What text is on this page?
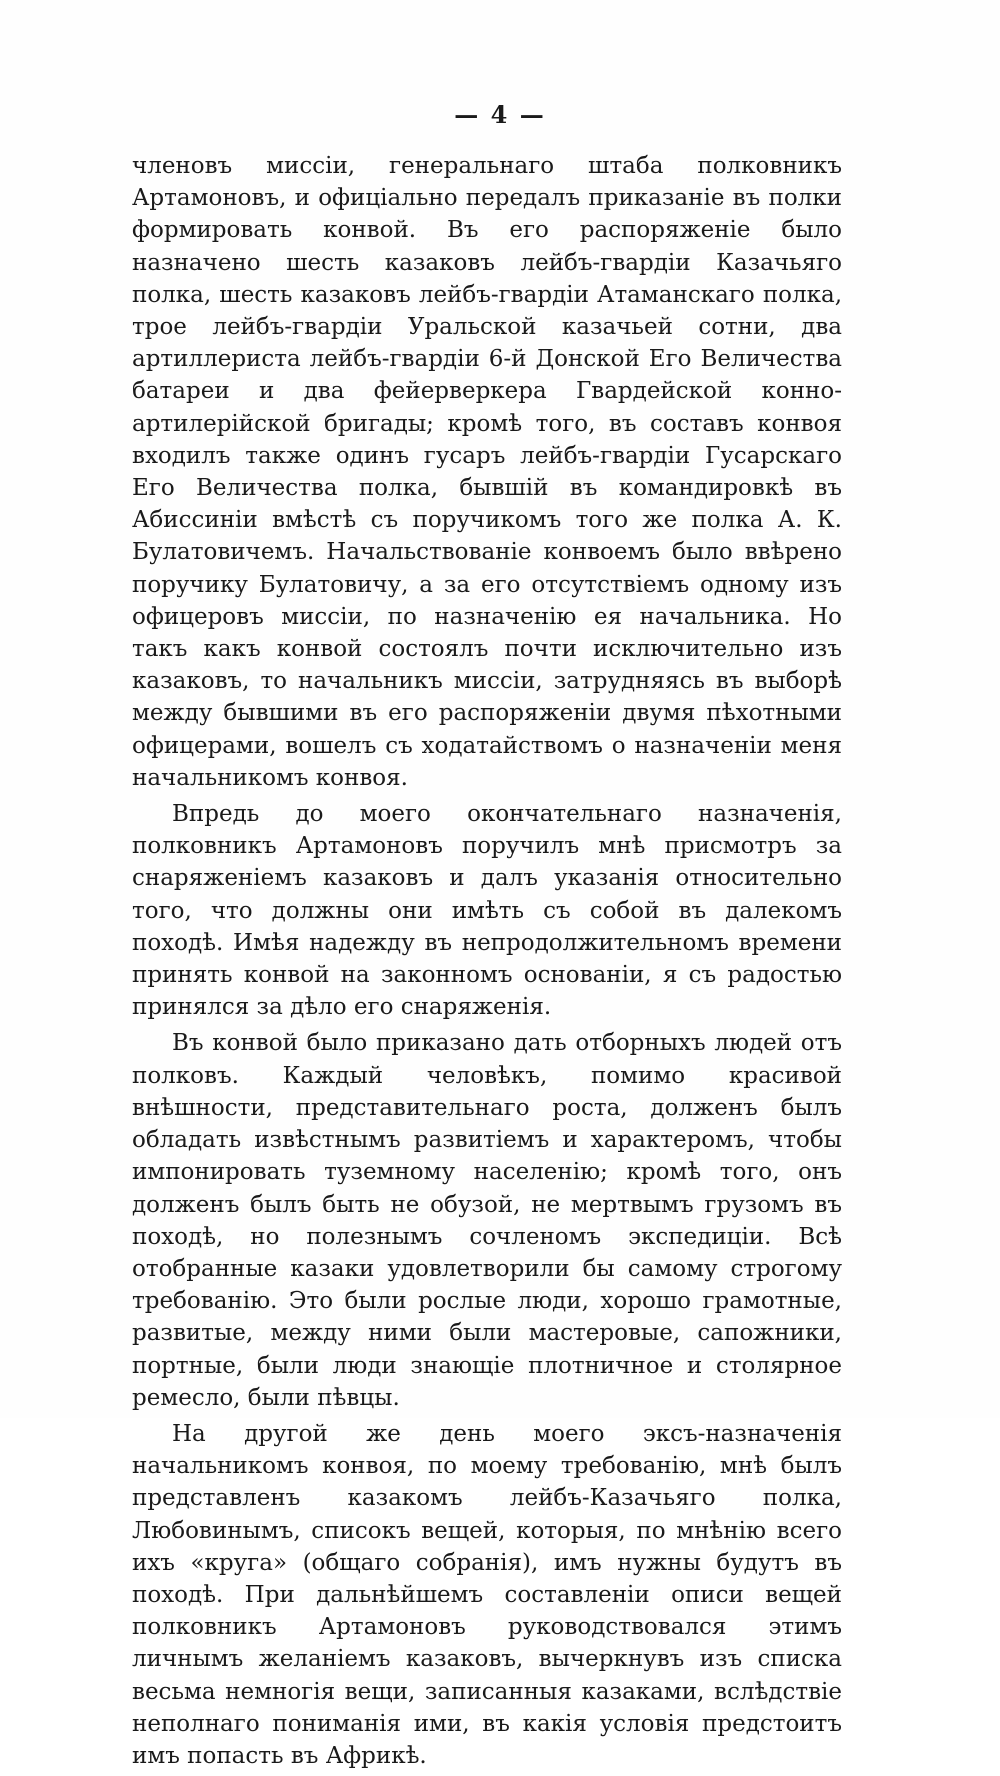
— 4 —

членовъ миссіи, генеральнаго штаба полковникъ Артамоновъ, и офиціально передалъ приказаніе въ полки формировать конвой. Въ его распоряженіе было назначено шесть казаковъ лейбъ-гвардіи Казачьяго полка, шесть казаковъ лейбъ-гвардіи Атаманскаго полка, трое лейбъ-гвардіи Уральской казачьей сотни, два артиллериста лейбъ-гвардіи 6-й Донской Его Величества батареи и два фейерверкера Гвардейской конно-артилерійской бригады; кромѣ того, въ составъ конвоя входилъ также одинъ гусаръ лейбъ-гвардіи Гусарскаго Его Величества полка, бывшій въ командировкѣ въ Абиссиніи вмѣстѣ съ поручикомъ того же полка А. К. Булатовичемъ. Начальствованіе конвоемъ было ввѣрено поручику Булатовичу, а за его отсутствіемъ одному изъ офицеровъ миссіи, по назначенію ея начальника. Но такъ какъ конвой состоялъ почти исключительно изъ казаковъ, то начальникъ миссіи, затрудняясь въ выборѣ между бывшими въ его распоряженіи двумя пѣхотными офицерами, вошелъ съ ходатайствомъ о назначеніи меня начальникомъ конвоя.

Впредь до моего окончательнаго назначенія, полковникъ Артамоновъ поручилъ мнѣ присмотръ за снаряженіемъ казаковъ и далъ указанія относительно того, что должны они имѣть съ собой въ далекомъ походѣ. Имѣя надежду въ непродолжительномъ времени принять конвой на законномъ основаніи, я съ радостью принялся за дѣло его снаряженія.

Въ конвой было приказано дать отборныхъ людей отъ полковъ. Каждый человѣкъ, помимо красивой внѣшности, представительнаго роста, долженъ былъ обладать извѣстнымъ развитіемъ и характеромъ, чтобы импонировать туземному населенію; кромѣ того, онъ долженъ былъ быть не обузой, не мертвымъ грузомъ въ походѣ, но полезнымъ сочленомъ экспедиціи. Всѣ отобранные казаки удовлетворили бы самому строгому требованію. Это были рослые люди, хорошо грамотные, развитые, между ними были мастеровые, сапожники, портные, были люди знающіе плотничное и столярное ремесло, были пѣвцы.

На другой же день моего эксъ-назначенія начальникомъ конвоя, по моему требованію, мнѣ былъ представленъ казакомъ лейбъ-Казачьяго полка, Любовинымъ, списокъ вещей, которыя, по мнѣнію всего ихъ «круга» (общаго собранія), имъ нужны будутъ въ походѣ. При дальнѣйшемъ составленіи описи вещей полковникъ Артамоновъ руководствовался этимъ личнымъ желаніемъ казаковъ, вычеркнувъ изъ списка весьма немногія вещи, записанныя казаками, вслѣдствіе неполнаго пониманія ими, въ какія условія предстоитъ имъ попасть въ Африкѣ.
